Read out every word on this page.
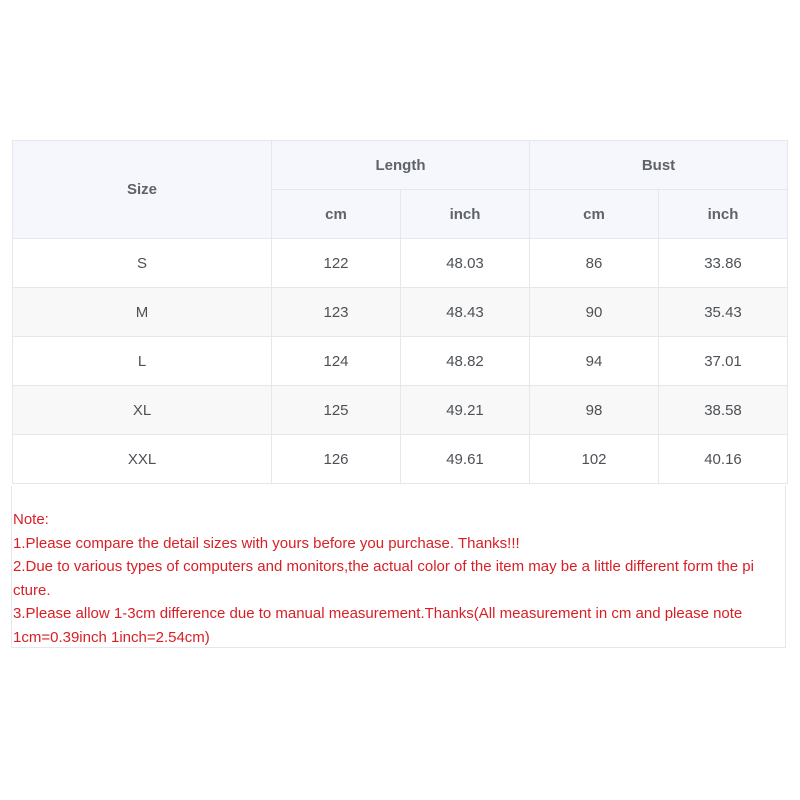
Size	Length		Bust	
	cm	inch	cm	inch
S	122	48.03	86	33.86
M	123	48.43	90	35.43
L	124	48.82	94	37.01
XL	125	49.21	98	38.58
XXL	126	49.61	102	40.16
Note:
1.Please compare the detail sizes with yours before you purchase. Thanks!!!
2.Due to various types of computers and monitors,the actual color of the item may be a little different form the pi
cture.
3.Please allow 1-3cm difference due to manual measurement.Thanks(All measurement in cm and please note
1cm=0.39inch 1inch=2.54cm)
